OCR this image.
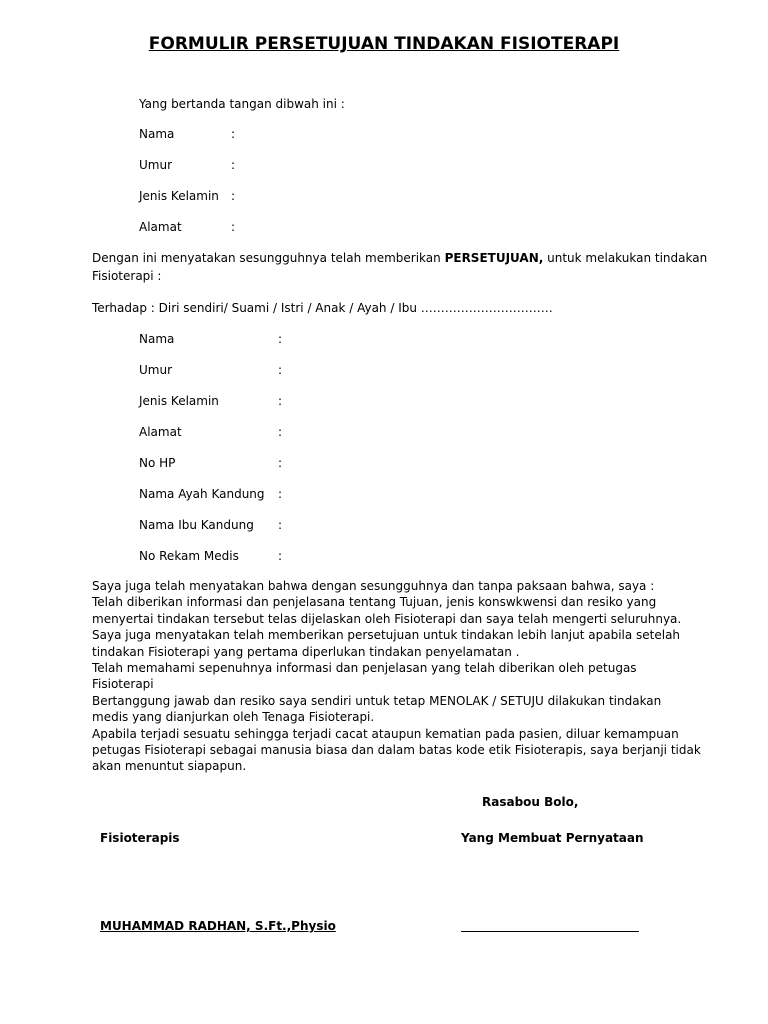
FORMULIR PERSETUJUAN TINDAKAN FISIOTERAPI
Yang bertanda tangan dibwah ini :
Nama	:
Umur	:
Jenis Kelamin :
Alamat	:
Dengan ini menyatakan sesungguhnya telah memberikan PERSETUJUAN, untuk melakukan tindakan
Fisioterapi :
Terhadap : Diri sendiri/ Suami / Istri / Anak / Ayah / Ibu ……………………………
Nama	:
Umur	:
Jenis Kelamin	:
Alamat	:
No HP	:
Nama Ayah Kandung :
Nama Ibu Kandung :
No Rekam Medis	:
Saya juga telah menyatakan bahwa dengan sesungguhnya dan tanpa paksaan bahwa, saya :
Telah diberikan informasi dan penjelasana tentang Tujuan, jenis konswkwensi dan resiko yang
menyertai tindakan tersebut telas dijelaskan oleh Fisioterapi dan saya telah mengerti seluruhnya.
Saya juga menyatakan telah memberikan persetujuan untuk tindakan lebih lanjut apabila setelah
tindakan Fisioterapi yang pertama diperlukan tindakan penyelamatan .
Telah memahami sepenuhnya informasi dan penjelasan yang telah diberikan oleh petugas
Fisioterapi
Bertanggung jawab dan resiko saya sendiri untuk tetap MENOLAK / SETUJU dilakukan tindakan
medis yang dianjurkan oleh Tenaga Fisioterapi.
Apabila terjadi sesuatu sehingga terjadi cacat ataupun kematian pada pasien, diluar kemampuan
petugas Fisioterapi sebagai manusia biasa dan dalam batas kode etik Fisioterapis, saya berjanji tidak
akan menuntut siapapun.
Rasabou Bolo,
Fisioterapis	Yang Membuat Pernyataan
MUHAMMAD RADHAN, S.Ft.,Physio
